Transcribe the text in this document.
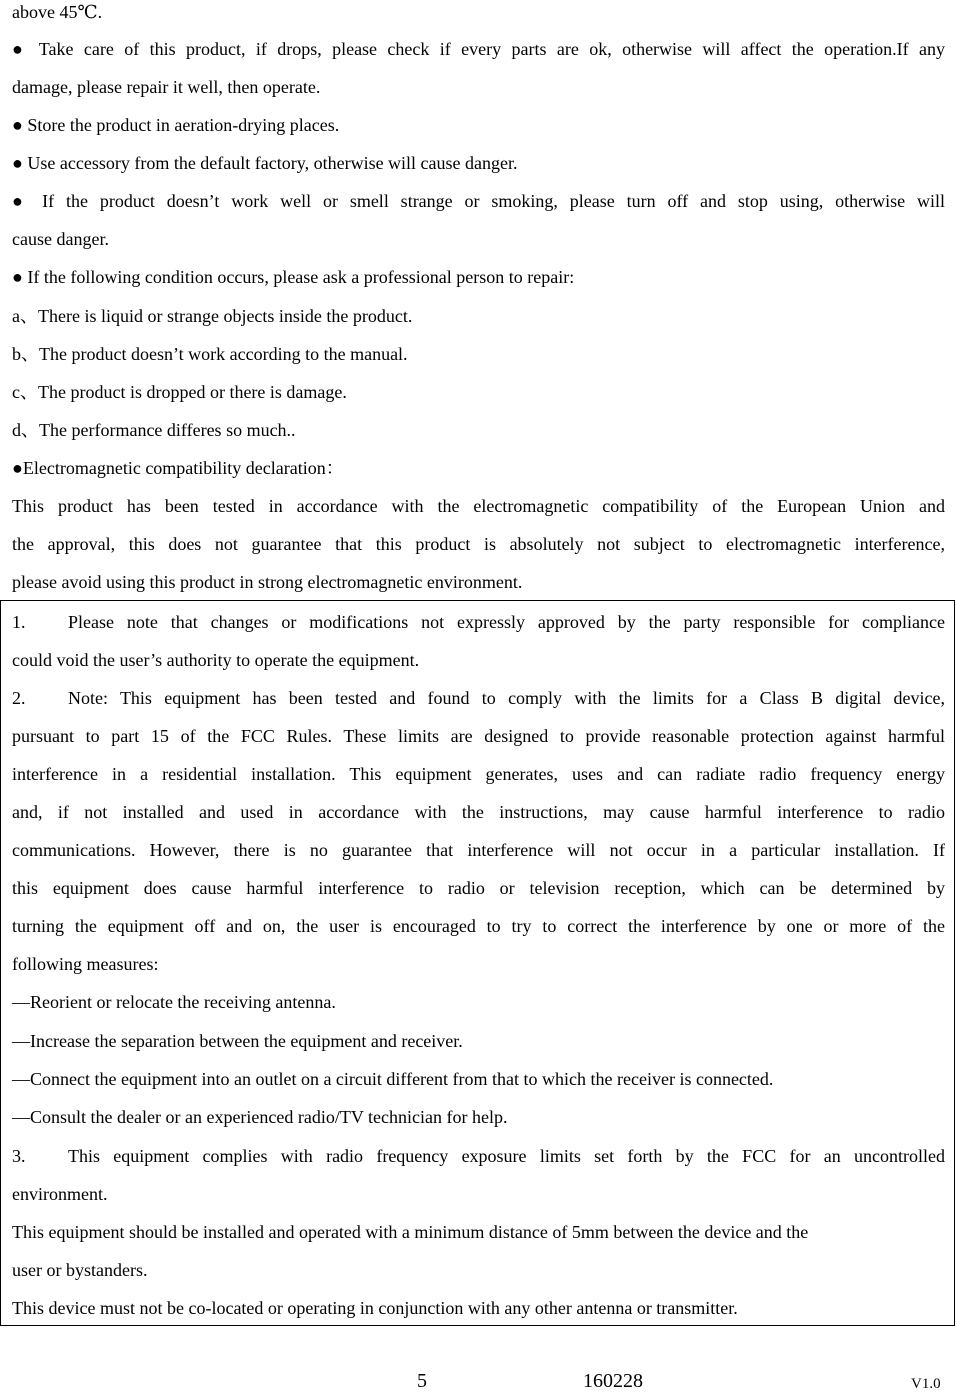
above 45℃.
● Take care of this product, if drops, please check if every parts are ok, otherwise will affect the operation.If any
damage, please repair it well, then operate.
● Store the product in aeration-drying places.
● Use accessory from the default factory, otherwise will cause danger.
● If the product doesn’t work well or smell strange or smoking, please turn off and stop using, otherwise will
cause danger.
● If the following condition occurs, please ask a professional person to repair:
a、There is liquid or strange objects inside the product.
b、The product doesn’t work according to the manual.
c、The product is dropped or there is damage.
d、The performance differes so much..
●Electromagnetic compatibility declaration：
This product has been tested in accordance with the electromagnetic compatibility of the European Union and
the approval, this does not guarantee that this product is absolutely not subject to electromagnetic interference,
please avoid using this product in strong electromagnetic environment.
1.	Please note that changes or modifications not expressly approved by the party responsible for compliance
could void the user’s authority to operate the equipment.
2.	Note: This equipment has been tested and found to comply with the limits for a Class B digital device,
pursuant to part 15 of the FCC Rules. These limits are designed to provide reasonable protection against harmful
interference in a residential installation. This equipment generates, uses and can radiate radio frequency energy
and, if not installed and used in accordance with the instructions, may cause harmful interference to radio
communications. However, there is no guarantee that interference will not occur in a particular installation. If
this equipment does cause harmful interference to radio or television reception, which can be determined by
turning the equipment off and on, the user is encouraged to try to correct the interference by one or more of the
following measures:
—Reorient or relocate the receiving antenna.
—Increase the separation between the equipment and receiver.
—Connect the equipment into an outlet on a circuit different from that to which the receiver is connected.
—Consult the dealer or an experienced radio/TV technician for help.
3.	This equipment complies with radio frequency exposure limits set forth by the FCC for an uncontrolled
environment.
This equipment should be installed and operated with a minimum distance of 5mm between the device and the
user or bystanders.
This device must not be co-located or operating in conjunction with any other antenna or transmitter.
5	160228	V1.0
